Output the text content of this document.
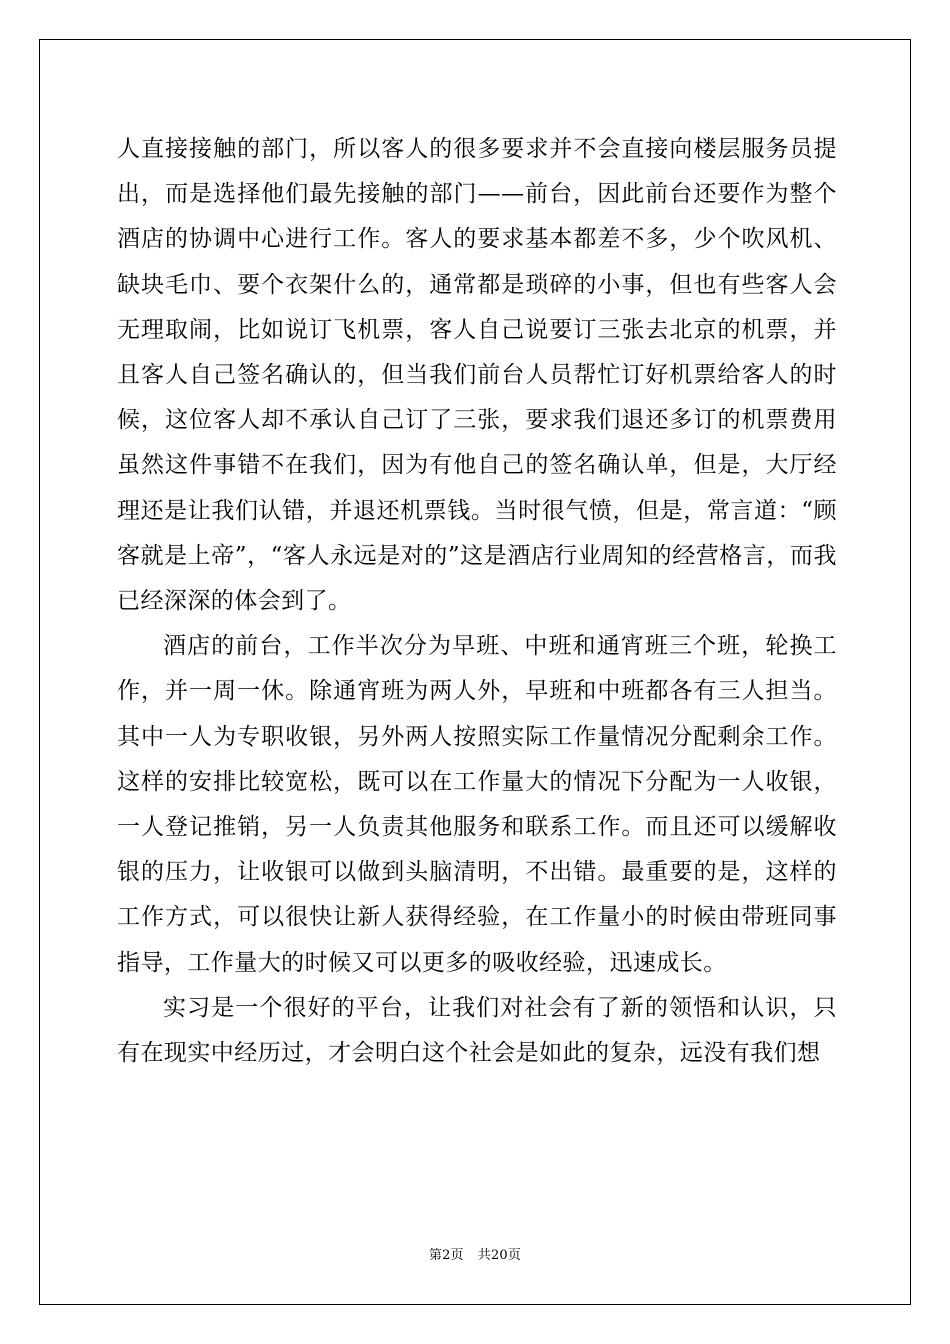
人直接接触的部门，所以客人的很多要求并不会直接向楼层服务员提出，而是选择他们最先接触的部门——前台，因此前台还要作为整个酒店的协调中心进行工作。客人的要求基本都差不多，少个吹风机、缺块毛巾、要个衣架什么的，通常都是琐碎的小事，但也有些客人会无理取闹，比如说订飞机票，客人自己说要订三张去北京的机票，并且客人自己签名确认的，但当我们前台人员帮忙订好机票给客人的时候，这位客人却不承认自己订了三张，要求我们退还多订的机票费用虽然这件事错不在我们，因为有他自己的签名确认单，但是，大厅经理还是让我们认错，并退还机票钱。当时很气愤，但是，常言道：“顾客就是上帝”，“客人永远是对的”这是酒店行业周知的经营格言，而我已经深深的体会到了。

酒店的前台，工作半次分为早班、中班和通宵班三个班，轮换工作，并一周一休。除通宵班为两人外，早班和中班都各有三人担当。其中一人为专职收银，另外两人按照实际工作量情况分配剩余工作。这样的安排比较宽松，既可以在工作量大的情况下分配为一人收银，一人登记推销，另一人负责其他服务和联系工作。而且还可以缓解收银的压力，让收银可以做到头脑清明，不出错。最重要的是，这样的工作方式，可以很快让新人获得经验，在工作量小的时候由带班同事指导，工作量大的时候又可以更多的吸收经验，迅速成长。

实习是一个很好的平台，让我们对社会有了新的领悟和认识，只有在现实中经历过，才会明白这个社会是如此的复杂，远没有我们想

第2页 共20页
